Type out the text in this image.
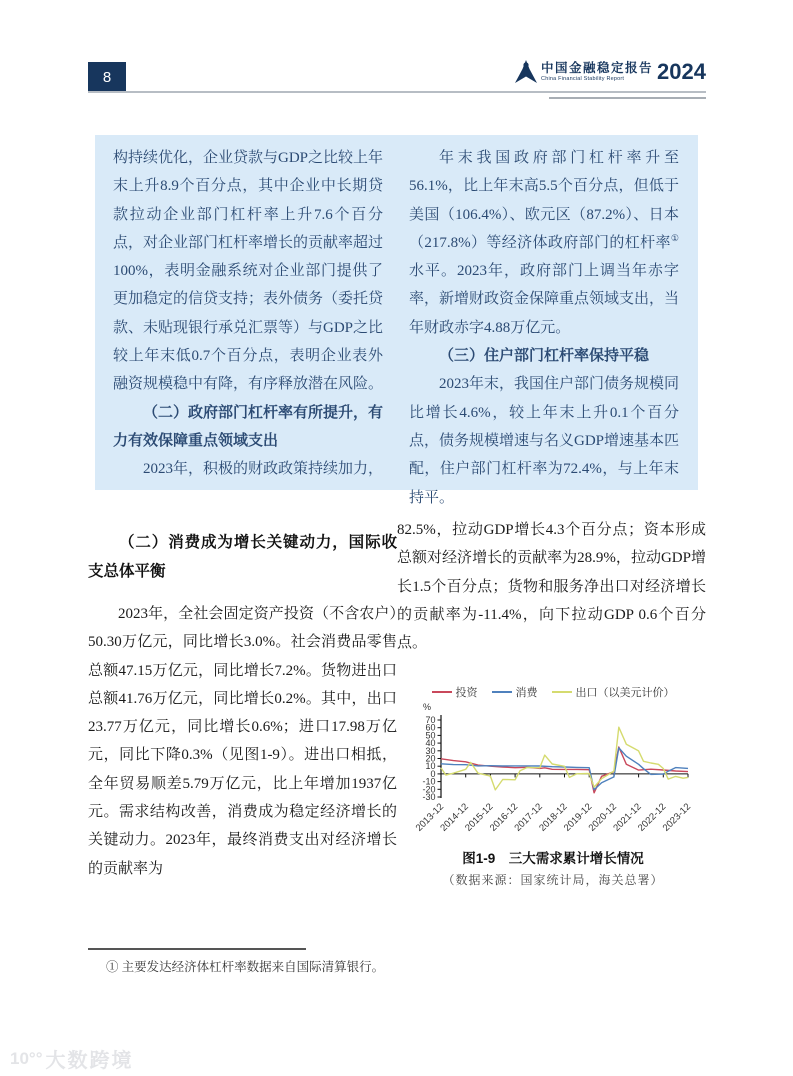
8
中国金融稳定报告
China Financial Stability Report	2024

构持续优化，企业贷款与GDP之比较上年末上升8.9个百分点，其中企业中长期贷款拉动企业部门杠杆率上升7.6个百分点，对企业部门杠杆率增长的贡献率超过100%，表明金融系统对企业部门提供了更加稳定的信贷支持；表外债务（委托贷款、未贴现银行承兑汇票等）与GDP之比较上年末低0.7个百分点，表明企业表外融资规模稳中有降，有序释放潜在风险。

（二）政府部门杠杆率有所提升，有力有效保障重点领域支出

2023年，积极的财政政策持续加力，

年末我国政府部门杠杆率升至56.1%，比上年末高5.5个百分点，但低于美国（106.4%）、欧元区（87.2%）、日本（217.8%）等经济体政府部门的杠杆率①水平。2023年，政府部门上调当年赤字率，新增财政资金保障重点领域支出，当年财政赤字4.88万亿元。

（三）住户部门杠杆率保持平稳

2023年末，我国住户部门债务规模同比增长4.6%，较上年末上升0.1个百分点，债务规模增速与名义GDP增速基本匹配，住户部门杠杆率为72.4%，与上年末持平。

（二）消费成为增长关键动力，国际收支总体平衡

2023年，全社会固定资产投资（不含农户）50.30万亿元，同比增长3.0%。社会消费品零售总额47.15万亿元，同比增长7.2%。货物进出口总额41.76万亿元，同比增长0.2%。其中，出口23.77万亿元，同比增长0.6%；进口17.98万亿元，同比下降0.3%（见图1-9）。进出口相抵，全年贸易顺差5.79万亿元，比上年增加1937亿元。需求结构改善，消费成为稳定经济增长的关键动力。2023年，最终消费支出对经济增长的贡献率为

82.5%，拉动GDP增长4.3个百分点；资本形成总额对经济增长的贡献率为28.9%，拉动GDP增长1.5个百分点；货物和服务净出口对经济增长的贡献率为-11.4%，向下拉动GDP 0.6个百分点。

投资	消费	出口（以美元计价）
%
70
60
50
40
30
20
10
0
-10
-20
-30
2013-12
2014-12
2015-12
2016-12
2017-12
2018-12
2019-12
2020-12
2021-12
2022-12
2023-12
图1-9　三大需求累计增长情况
（数据来源：国家统计局，海关总署）
① 主要发达经济体杠杆率数据来自国际清算银行。
10°° 大数跨境
